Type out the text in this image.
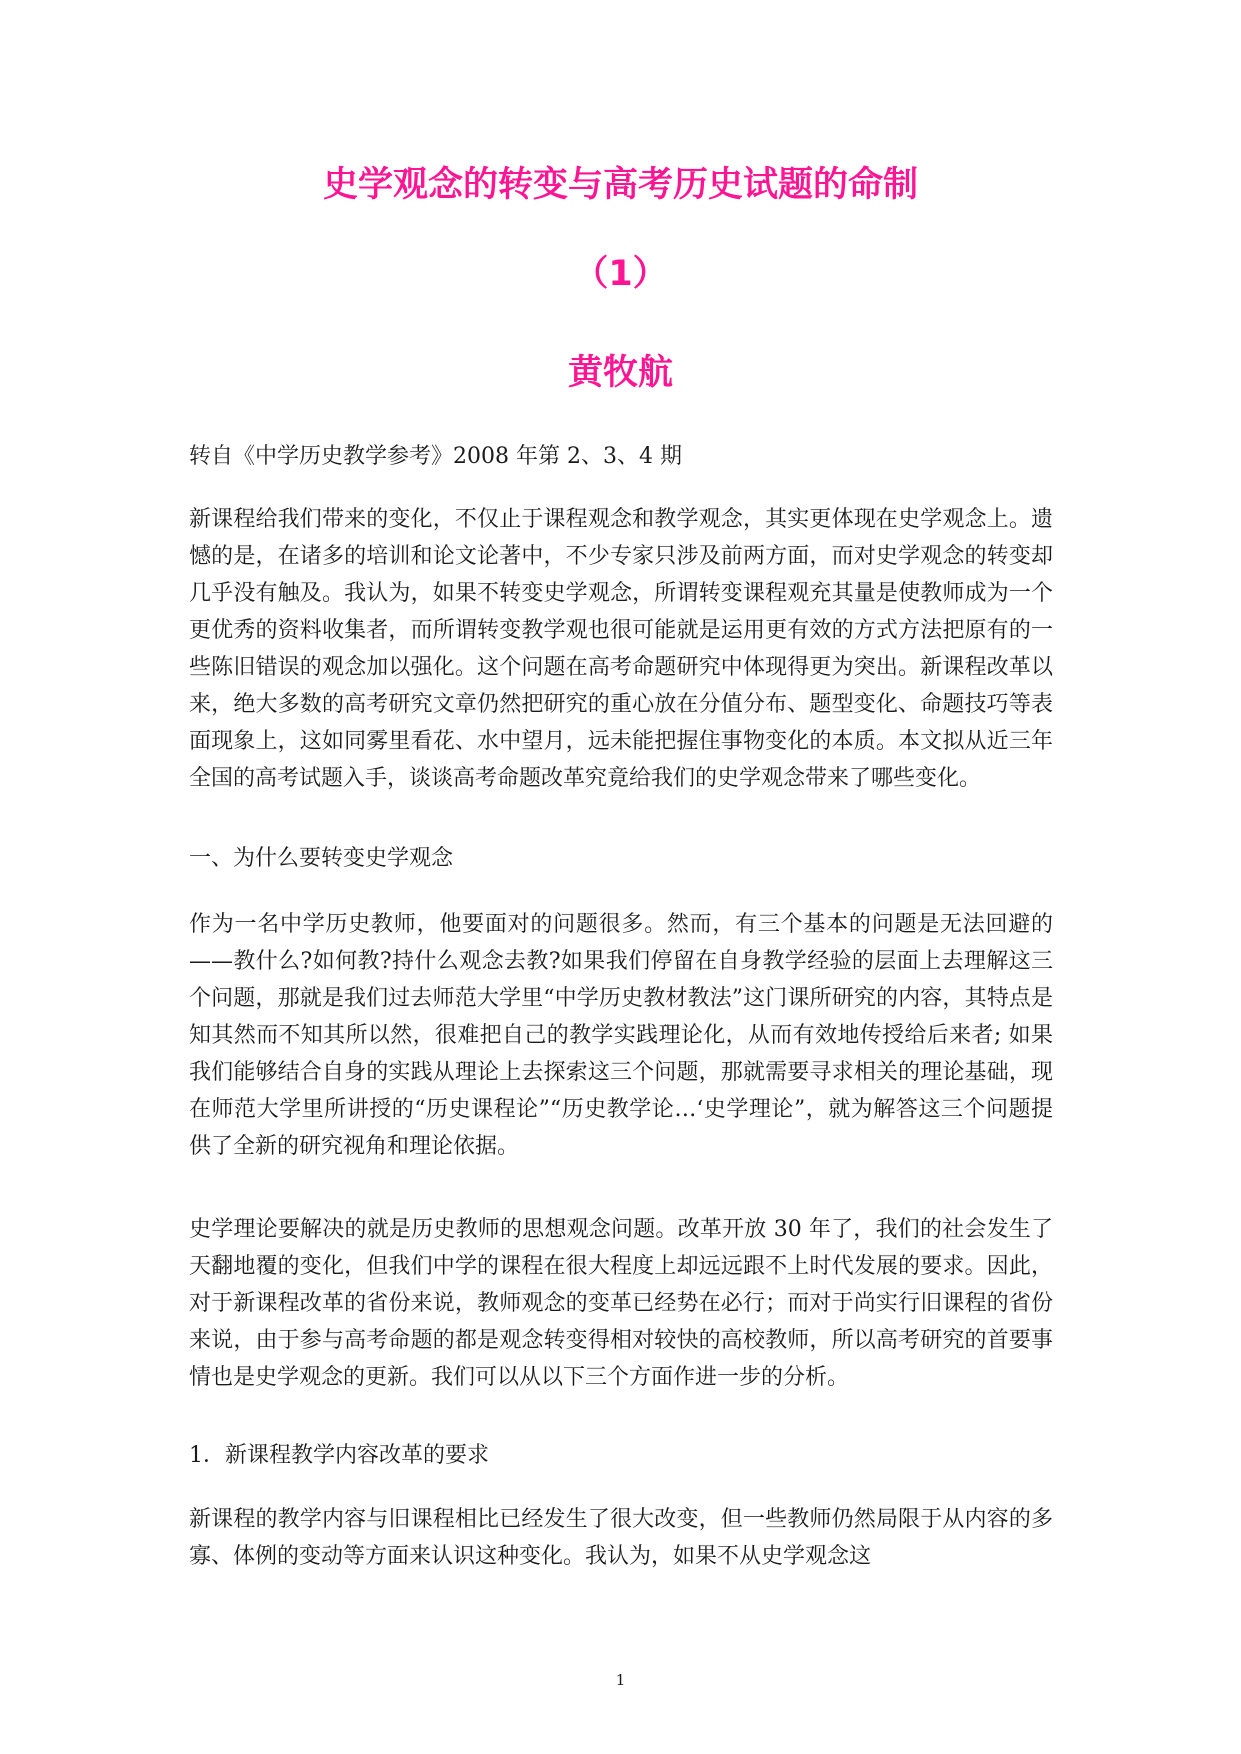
史学观念的转变与高考历史试题的命制
（1）
黄牧航

转自《中学历史教学参考》2008 年第 2、3、4 期

新课程给我们带来的变化，不仅止于课程观念和教学观念，其实更体现在史学观念上。遗憾的是，在诸多的培训和论文论著中，不少专家只涉及前两方面，而对史学观念的转变却几乎没有触及。我认为，如果不转变史学观念，所谓转变课程观充其量是使教师成为一个更优秀的资料收集者，而所谓转变教学观也很可能就是运用更有效的方式方法把原有的一些陈旧错误的观念加以强化。这个问题在高考命题研究中体现得更为突出。新课程改革以来，绝大多数的高考研究文章仍然把研究的重心放在分值分布、题型变化、命题技巧等表面现象上，这如同雾里看花、水中望月，远未能把握住事物变化的本质。本文拟从近三年全国的高考试题入手，谈谈高考命题改革究竟给我们的史学观念带来了哪些变化。

一、为什么要转变史学观念

作为一名中学历史教师，他要面对的问题很多。然而，有三个基本的问题是无法回避的——教什么?如何教?持什么观念去教?如果我们停留在自身教学经验的层面上去理解这三个问题，那就是我们过去师范大学里“中学历史教材教法”这门课所研究的内容，其特点是知其然而不知其所以然，很难把自己的教学实践理论化，从而有效地传授给后来者; 如果我们能够结合自身的实践从理论上去探索这三个问题，那就需要寻求相关的理论基础，现在师范大学里所讲授的“历史课程论”“历史教学论…‘史学理论”，就为解答这三个问题提供了全新的研究视角和理论依据。

史学理论要解决的就是历史教师的思想观念问题。改革开放 30 年了，我们的社会发生了天翻地覆的变化，但我们中学的课程在很大程度上却远远跟不上时代发展的要求。因此，对于新课程改革的省份来说，教师观念的变革已经势在必行；而对于尚实行旧课程的省份来说，由于参与高考命题的都是观念转变得相对较快的高校教师，所以高考研究的首要事情也是史学观念的更新。我们可以从以下三个方面作进一步的分析。

1．新课程教学内容改革的要求

新课程的教学内容与旧课程相比已经发生了很大改变，但一些教师仍然局限于从内容的多寡、体例的变动等方面来认识这种变化。我认为，如果不从史学观念这

1
